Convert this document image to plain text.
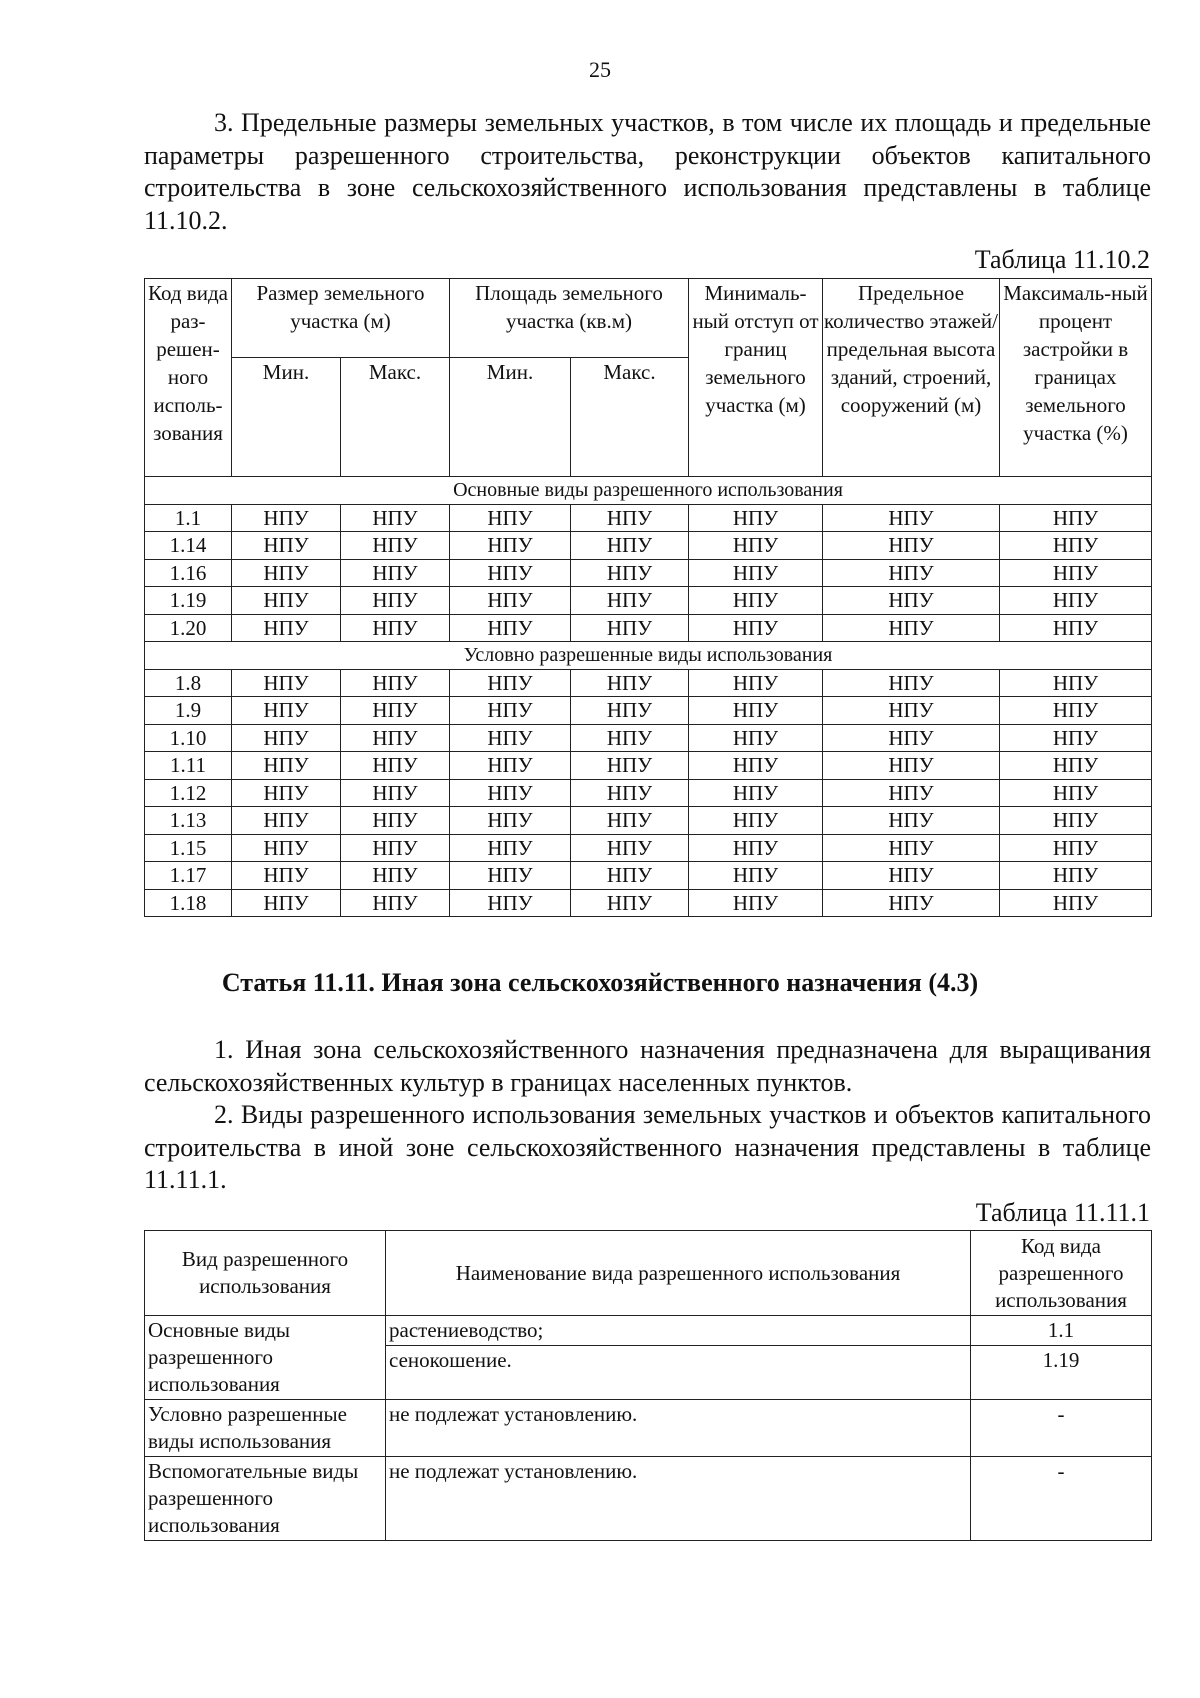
25

3. Предельные размеры земельных участков, в том числе их площадь и предельные параметры разрешенного строительства, реконструкции объектов капитального строительства в зоне сельскохозяйственного использования представлены в таблице 11.10.2.

Таблица 11.10.2
Код вида раз-решен-ного исполь-зования	Размер земельного участка (м)		Площадь земельного участка (кв.м)		Минималь-ный отступ от границ земельного участка (м)	Предельное количество этажей/ предельная высота зданий, строений, сооружений (м)	Максималь-ный процент застройки в границах земельного участка (%)
	Мин.	Макс.	Мин.	Макс.			
Основные виды разрешенного использования							
1.1	НПУ	НПУ	НПУ	НПУ	НПУ	НПУ	НПУ
1.14	НПУ	НПУ	НПУ	НПУ	НПУ	НПУ	НПУ
1.16	НПУ	НПУ	НПУ	НПУ	НПУ	НПУ	НПУ
1.19	НПУ	НПУ	НПУ	НПУ	НПУ	НПУ	НПУ
1.20	НПУ	НПУ	НПУ	НПУ	НПУ	НПУ	НПУ
Условно разрешенные виды использования							
1.8	НПУ	НПУ	НПУ	НПУ	НПУ	НПУ	НПУ
1.9	НПУ	НПУ	НПУ	НПУ	НПУ	НПУ	НПУ
1.10	НПУ	НПУ	НПУ	НПУ	НПУ	НПУ	НПУ
1.11	НПУ	НПУ	НПУ	НПУ	НПУ	НПУ	НПУ
1.12	НПУ	НПУ	НПУ	НПУ	НПУ	НПУ	НПУ
1.13	НПУ	НПУ	НПУ	НПУ	НПУ	НПУ	НПУ
1.15	НПУ	НПУ	НПУ	НПУ	НПУ	НПУ	НПУ
1.17	НПУ	НПУ	НПУ	НПУ	НПУ	НПУ	НПУ
1.18	НПУ	НПУ	НПУ	НПУ	НПУ	НПУ	НПУ
Статья 11.11. Иная зона сельскохозяйственного назначения (4.3)

1. Иная зона сельскохозяйственного назначения предназначена для выращивания сельскохозяйственных культур в границах населенных пунктов.

2. Виды разрешенного использования земельных участков и объектов капитального строительства в иной зоне сельскохозяйственного назначения представлены в таблице 11.11.1.

Таблица 11.11.1
Вид разрешенного использования	Наименование вида разрешенного использования	Код вида разрешенного использования
Основные виды разрешенного использования	растениеводство;	1.1
	сенокошение.	1.19
Условно разрешенные виды использования	не подлежат установлению.	-
Вспомогательные виды разрешенного использования	не подлежат установлению.	-
